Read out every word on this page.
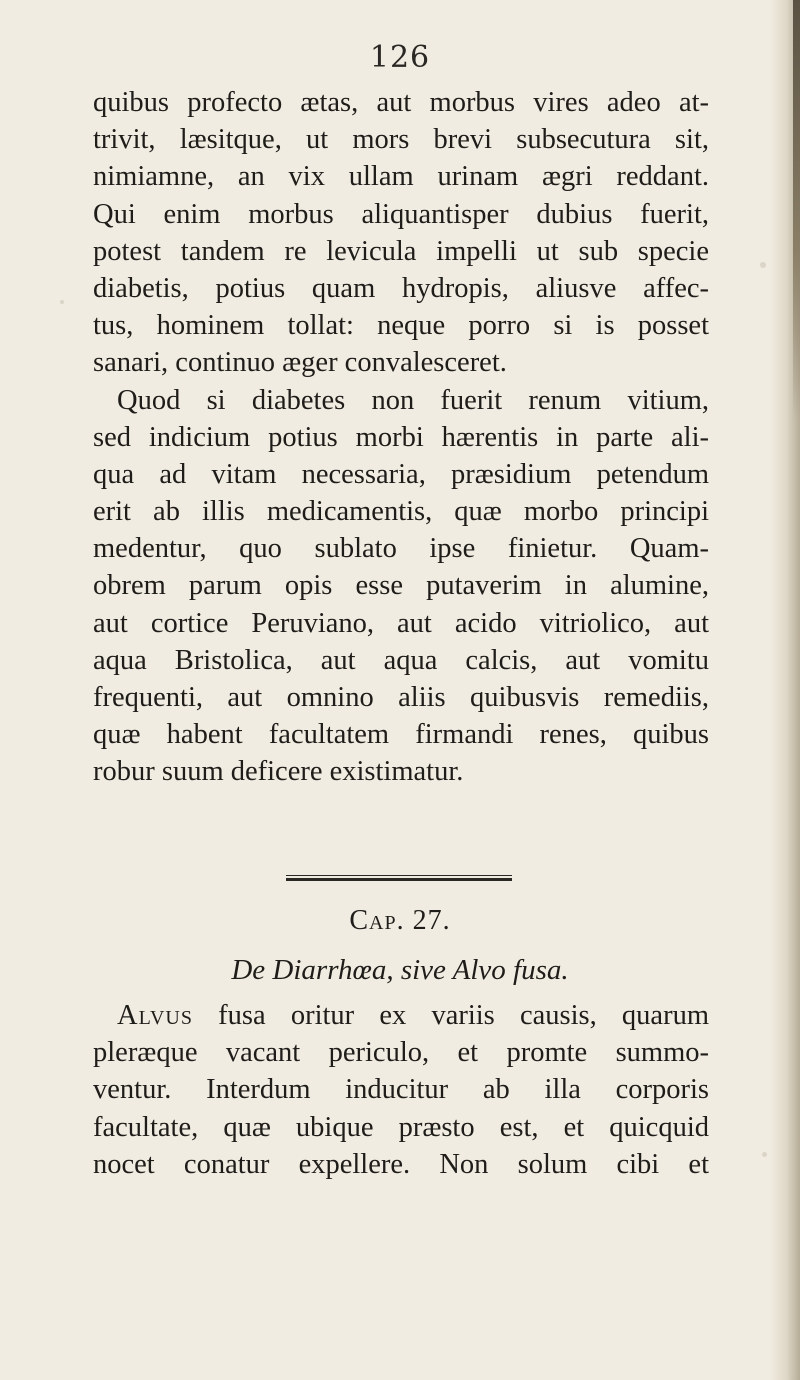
126
quibus profecto ætas, aut morbus vires adeo at-
trivit, læsitque, ut mors brevi subsecutura sit,
nimiamne, an vix ullam urinam ægri reddant.
Qui enim morbus aliquantisper dubius fuerit,
potest tandem re levicula impelli ut sub specie
diabetis, potius quam hydropis, aliusve affec-
tus, hominem tollat: neque porro si is posset
sanari, continuo æger convalesceret.
Quod si diabetes non fuerit renum vitium,
sed indicium potius morbi hærentis in parte ali-
qua ad vitam necessaria, præsidium petendum
erit ab illis medicamentis, quæ morbo principi
medentur, quo sublato ipse finietur. Quam-
obrem parum opis esse putaverim in alumine,
aut cortice Peruviano, aut acido vitriolico, aut
aqua Bristolica, aut aqua calcis, aut vomitu
frequenti, aut omnino aliis quibusvis remediis,
quæ habent facultatem firmandi renes, quibus
robur suum deficere existimatur.
Cap. 27.
De Diarrhœa, sive Alvo fusa.
Alvus fusa oritur ex variis causis, quarum
pleræque vacant periculo, et promte summo-
ventur. Interdum inducitur ab illa corporis
facultate, quæ ubique præsto est, et quicquid
nocet conatur expellere. Non solum cibi et
